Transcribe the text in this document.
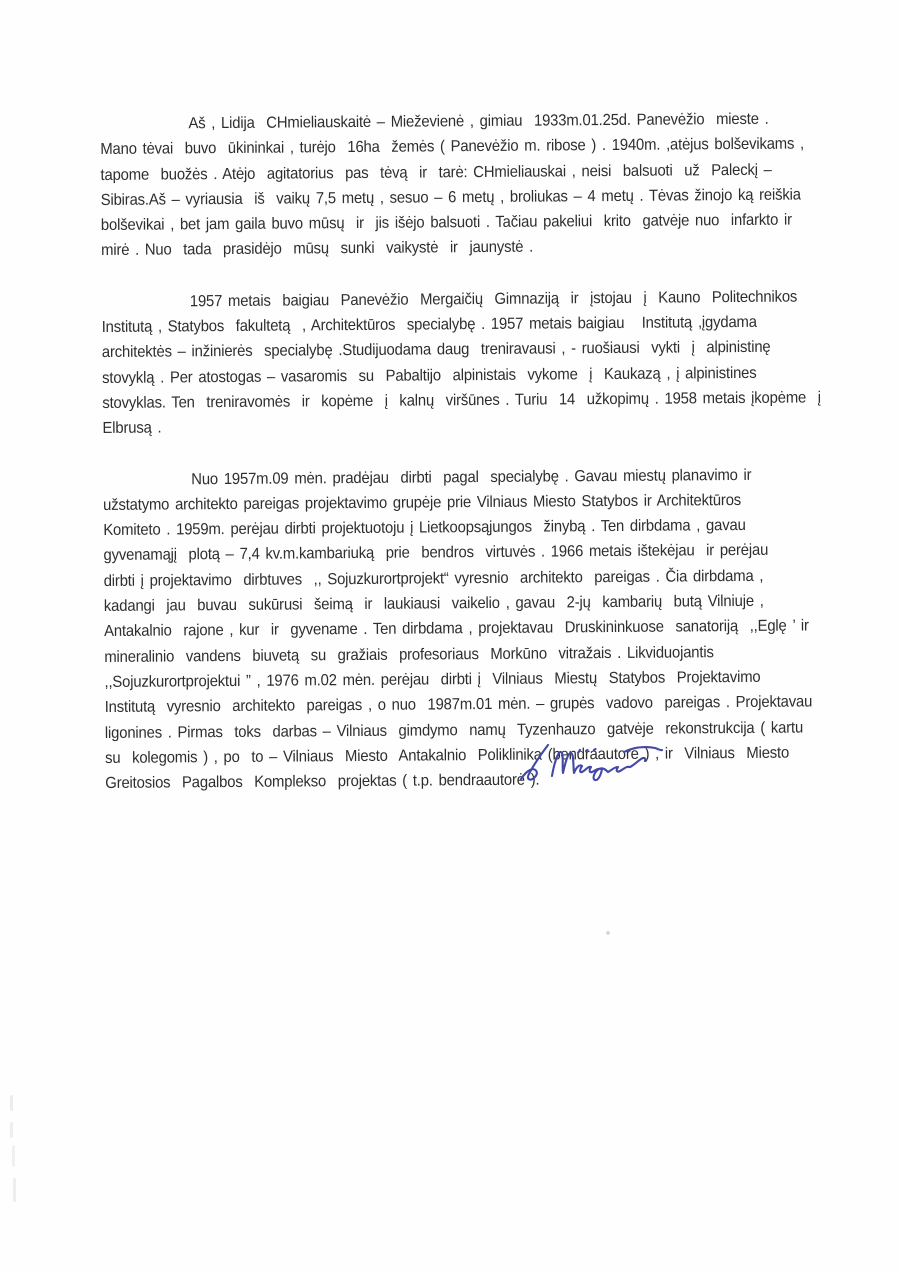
Aš , Lidija  CHmieliauskaitė – Mieževienė , gimiau  1933m.01.25d. Panevėžio  mieste .
Mano tėvai  buvo  ūkininkai , turėjo  16ha  žemės ( Panevėžio m. ribose ) . 1940m. ,atėjus bolševikams ,
tapome  buožės . Atėjo  agitatorius  pas  tėvą  ir  tarė: CHmieliauskai , neisi  balsuoti  už  Paleckį –
Sibiras.Aš – vyriausia  iš  vaikų 7,5 metų , sesuo – 6 metų , broliukas – 4 metų . Tėvas žinojo ką reiškia
bolševikai , bet jam gaila buvo mūsų  ir  jis išėjo balsuoti . Tačiau pakeliui  krito  gatvėje nuo  infarkto ir
mirė . Nuo  tada  prasidėjo  mūsų  sunki  vaikystė  ir  jaunystė .
1957 metais  baigiau  Panevėžio  Mergaičių  Gimnaziją  ir  įstojau  į  Kauno  Politechnikos
Institutą , Statybos  fakultetą  , Architektūros  specialybę . 1957 metais baigiau   Institutą ,įgydama
architektės – inžinierės  specialybę .Studijuodama daug  treniravausi , - ruošiausi  vykti  į  alpinistinę
stovyklą . Per atostogas – vasaromis  su  Pabaltijo  alpinistais  vykome  į  Kaukazą , į alpinistines
stovyklas. Ten  treniravomės  ir  kopėme  į  kalnų  viršūnes . Turiu  14  užkopimų . 1958 metais įkopėme  į
Elbrusą .
Nuo 1957m.09 mėn. pradėjau  dirbti  pagal  specialybę . Gavau miestų planavimo ir
užstatymo architekto pareigas projektavimo grupėje prie Vilniaus Miesto Statybos ir Architektūros
Komiteto . 1959m. perėjau dirbti projektuotoju į Lietkoopsąjungos  žinybą . Ten dirbdama , gavau
gyvenamąjį  plotą – 7,4 kv.m.kambariuką  prie  bendros  virtuvės . 1966 metais ištekėjau  ir perėjau
dirbti į projektavimo  dirbtuves  ,, Sojuzkurortprojekt“ vyresnio  architekto  pareigas . Čia dirbdama ,
kadangi  jau  buvau  sukūrusi  šeimą  ir  laukiausi  vaikelio , gavau  2-jų  kambarių  butą Vilniuje ,
Antakalnio  rajone , kur  ir  gyvename . Ten dirbdama , projektavau  Druskininkuose  sanatoriją  ,,Eglę ’ ir
mineralinio  vandens  biuvetą  su  gražiais  profesoriaus  Morkūno  vitražais . Likviduojantis
,,Sojuzkurortprojektui ” , 1976 m.02 mėn. perėjau  dirbti į  Vilniaus  Miestų  Statybos  Projektavimo
Institutą  vyresnio  architekto  pareigas , o nuo  1987m.01 mėn. – grupės  vadovo  pareigas . Projektavau
ligonines . Pirmas  toks  darbas – Vilniaus  gimdymo  namų  Tyzenhauzo  gatvėje  rekonstrukcija ( kartu
su  kolegomis ) , po  to – Vilniaus  Miesto  Antakalnio  Poliklinika (bendraautorė ) , ir  Vilniaus  Miesto
Greitosios  Pagalbos  Komplekso  projektas ( t.p. bendraautorė ).
